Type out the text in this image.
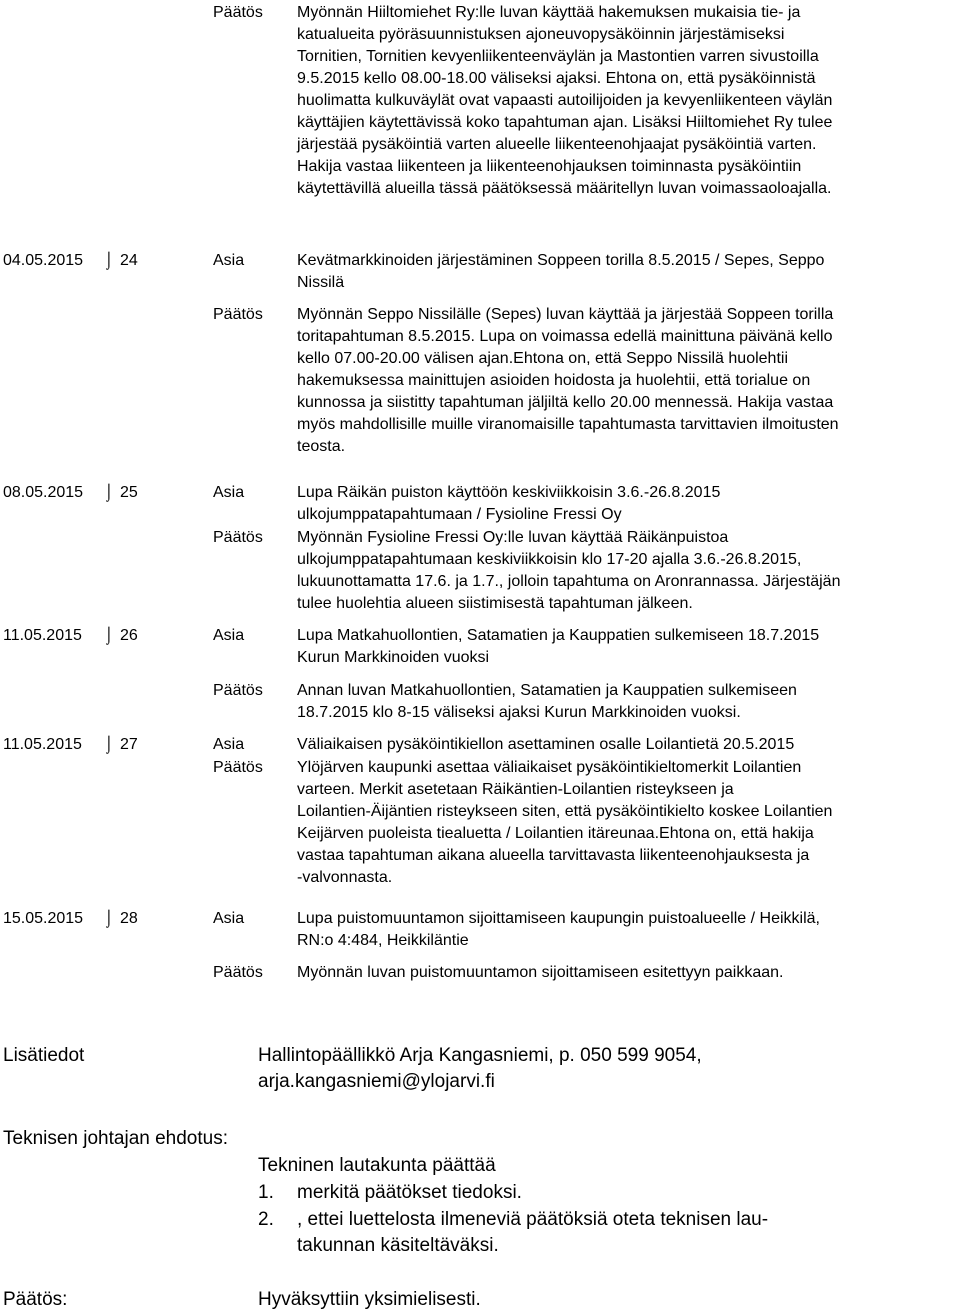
Päätös Myönnän Hiiltomiehet Ry:lle luvan käyttää hakemuksen mukaisia tie- ja
katualueita pyöräsuunnistuksen ajoneuvopysäköinnin järjestämiseksi
Tornitien, Tornitien kevyenliikenteenväylän ja Mastontien varren sivustoilla
9.5.2015 kello 08.00-18.00 väliseksi ajaksi. Ehtona on, että pysäköinnistä
huolimatta kulkuväylät ovat vapaasti autoilijoiden ja kevyenliikenteen väylän
käyttäjien käytettävissä koko tapahtuman ajan. Lisäksi Hiiltomiehet Ry tulee
järjestää pysäköintiä varten alueelle liikenteenohjaajat pysäköintiä varten.
Hakija vastaa liikenteen ja liikenteenohjauksen toiminnasta pysäköintiin
käytettävillä alueilla tässä päätöksessä määritellyn luvan voimassaoloajalla.
04.05.2015 ⌡ 24	Asia	Kevätmarkkinoiden järjestäminen Soppeen torilla 8.5.2015 / Sepes, Seppo
Nissilä
Päätös Myönnän Seppo Nissilälle (Sepes) luvan käyttää ja järjestää Soppeen torilla
toritapahtuman 8.5.2015. Lupa on voimassa edellä mainittuna päivänä kello
kello 07.00-20.00 välisen ajan.Ehtona on, että Seppo Nissilä huolehtii
hakemuksessa mainittujen asioiden hoidosta ja huolehtii, että torialue on
kunnossa ja siistitty tapahtuman jäljiltä kello 20.00 mennessä. Hakija vastaa
myös mahdollisille muille viranomaisille tapahtumasta tarvittavien ilmoitusten
teosta.
08.05.2015 ⌡ 25	Asia	Lupa Räikän puiston käyttöön keskiviikkoisin 3.6.-26.8.2015
ulkojumppatapahtumaan / Fysioline Fressi Oy
Päätös Myönnän Fysioline Fressi Oy:lle luvan käyttää Räikänpuistoa
ulkojumppatapahtumaan keskiviikkoisin klo 17-20 ajalla 3.6.-26.8.2015,
lukuunottamatta 17.6. ja 1.7., jolloin tapahtuma on Aronrannassa. Järjestäjän
tulee huolehtia alueen siistimisestä tapahtuman jälkeen.
11.05.2015 ⌡ 26	Asia	Lupa Matkahuollontien, Satamatien ja Kauppatien sulkemiseen 18.7.2015
Kurun Markkinoiden vuoksi
Päätös Annan luvan Matkahuollontien, Satamatien ja Kauppatien sulkemiseen
18.7.2015 klo 8-15 väliseksi ajaksi Kurun Markkinoiden vuoksi.
11.05.2015 ⌡ 27	Asia	Väliaikaisen pysäköintikiellon asettaminen osalle Loilantietä 20.5.2015
Päätös Ylöjärven kaupunki asettaa väliaikaiset pysäköintikieltomerkit Loilantien
varteen. Merkit asetetaan Räikäntien-Loilantien risteykseen ja
Loilantien-Äijäntien risteykseen siten, että pysäköintikielto koskee Loilantien
Keijärven puoleista tiealuetta / Loilantien itäreunaa.Ehtona on, että hakija
vastaa tapahtuman aikana alueella tarvittavasta liikenteenohjauksesta ja
-valvonnasta.
15.05.2015 ⌡ 28	Asia	Lupa puistomuuntamon sijoittamiseen kaupungin puistoalueelle / Heikkilä,
RN:o 4:484, Heikkiläntie
Päätös Myönnän luvan puistomuuntamon sijoittamiseen esitettyyn paikkaan.
Lisätiedot	Hallintopäällikkö Arja Kangasniemi, p. 050 599 9054,
arja.kangasniemi@ylojarvi.fi
Teknisen johtajan ehdotus:
Tekninen lautakunta päättää
1. merkitä päätökset tiedoksi.
2. , ettei luettelosta ilmeneviä päätöksiä oteta teknisen lau-
takunnan käsiteltäväksi.
Päätös:	Hyväksyttiin yksimielisesti.
